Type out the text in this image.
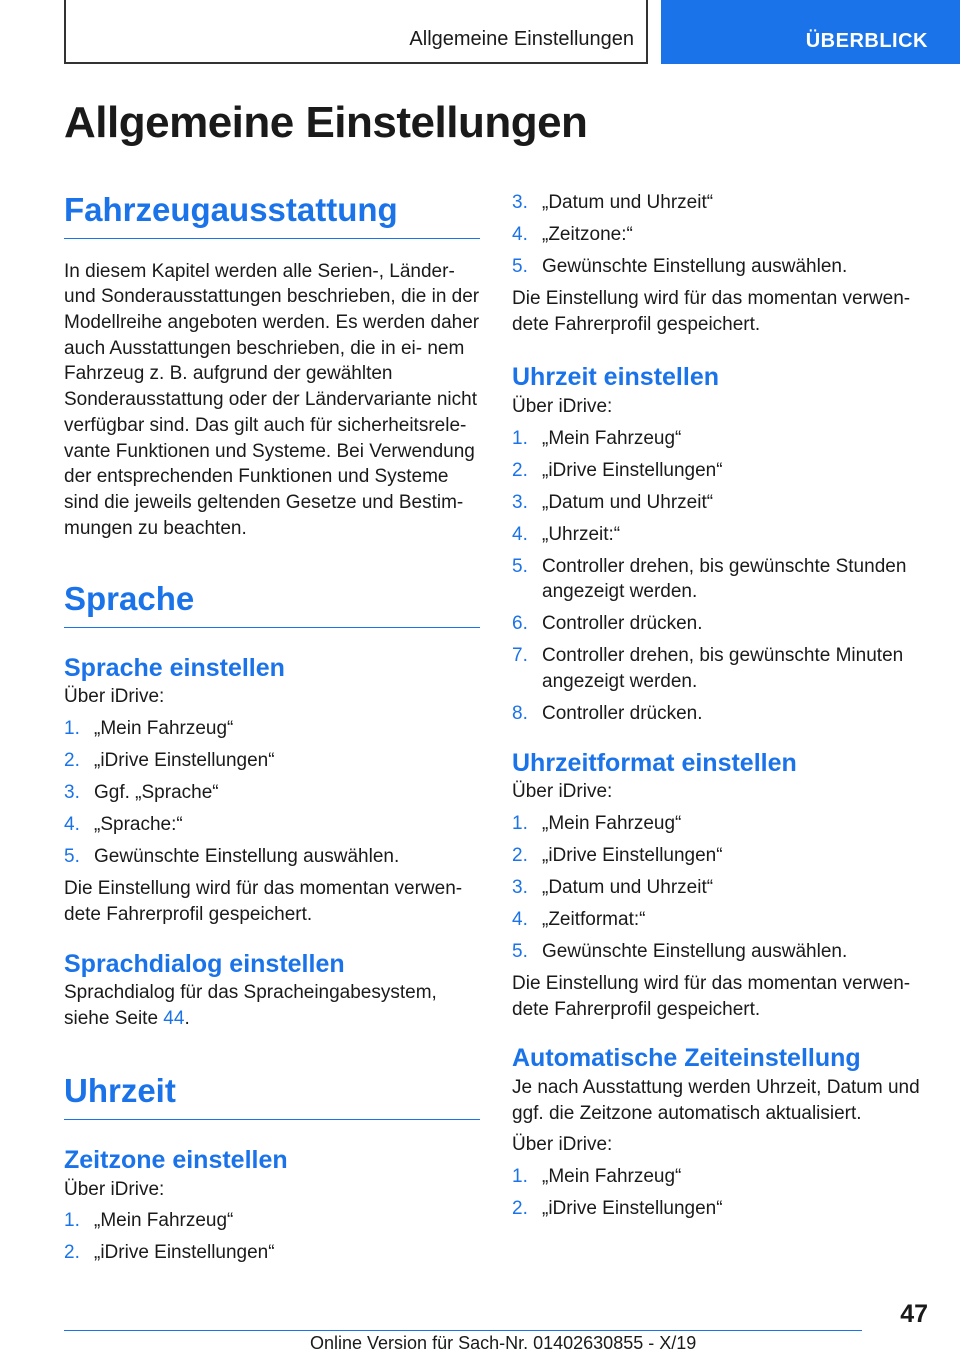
Allgemeine Einstellungen	ÜBERBLICK
Allgemeine Einstellungen
Fahrzeugausstattung

In diesem Kapitel werden alle Serien-, Länder- und Sonderausstattungen beschrieben, die in der Modellreihe angeboten werden. Es werden daher auch Ausstattungen beschrieben, die in ei‐ nem Fahrzeug z. B. aufgrund der gewählten Sonderausstattung oder der Ländervariante nicht verfügbar sind. Das gilt auch für sicherheitsrele‐ vante Funktionen und Systeme. Bei Verwendung der entsprechenden Funktionen und Systeme sind die jeweils geltenden Gesetze und Bestim‐ mungen zu beachten.

Sprache
Sprache einstellen

Über iDrive:

1. „Mein Fahrzeug“
2. „iDrive Einstellungen“
3. Ggf. „Sprache“
4. „Sprache:“
5. Gewünschte Einstellung auswählen.

Die Einstellung wird für das momentan verwen‐ dete Fahrerprofil gespeichert.

Sprachdialog einstellen

Sprachdialog für das Spracheingabesystem, siehe Seite 44.

Uhrzeit
Zeitzone einstellen

Über iDrive:

1. „Mein Fahrzeug“
2. „iDrive Einstellungen“
3. „Datum und Uhrzeit“
4. „Zeitzone:“
5. Gewünschte Einstellung auswählen.

Die Einstellung wird für das momentan verwen‐ dete Fahrerprofil gespeichert.

Uhrzeit einstellen

Über iDrive:

1. „Mein Fahrzeug“
2. „iDrive Einstellungen“
3. „Datum und Uhrzeit“
4. „Uhrzeit:“
5. Controller drehen, bis gewünschte Stunden angezeigt werden.
6. Controller drücken.
7. Controller drehen, bis gewünschte Minuten angezeigt werden.
8. Controller drücken.
Uhrzeitformat einstellen

Über iDrive:

1. „Mein Fahrzeug“
2. „iDrive Einstellungen“
3. „Datum und Uhrzeit“
4. „Zeitformat:“
5. Gewünschte Einstellung auswählen.

Die Einstellung wird für das momentan verwen‐ dete Fahrerprofil gespeichert.

Automatische Zeiteinstellung

Je nach Ausstattung werden Uhrzeit, Datum und ggf. die Zeitzone automatisch aktualisiert.

Über iDrive:

1. „Mein Fahrzeug“
2. „iDrive Einstellungen“
47
Online Version für Sach-Nr. 01402630855 - X/19
